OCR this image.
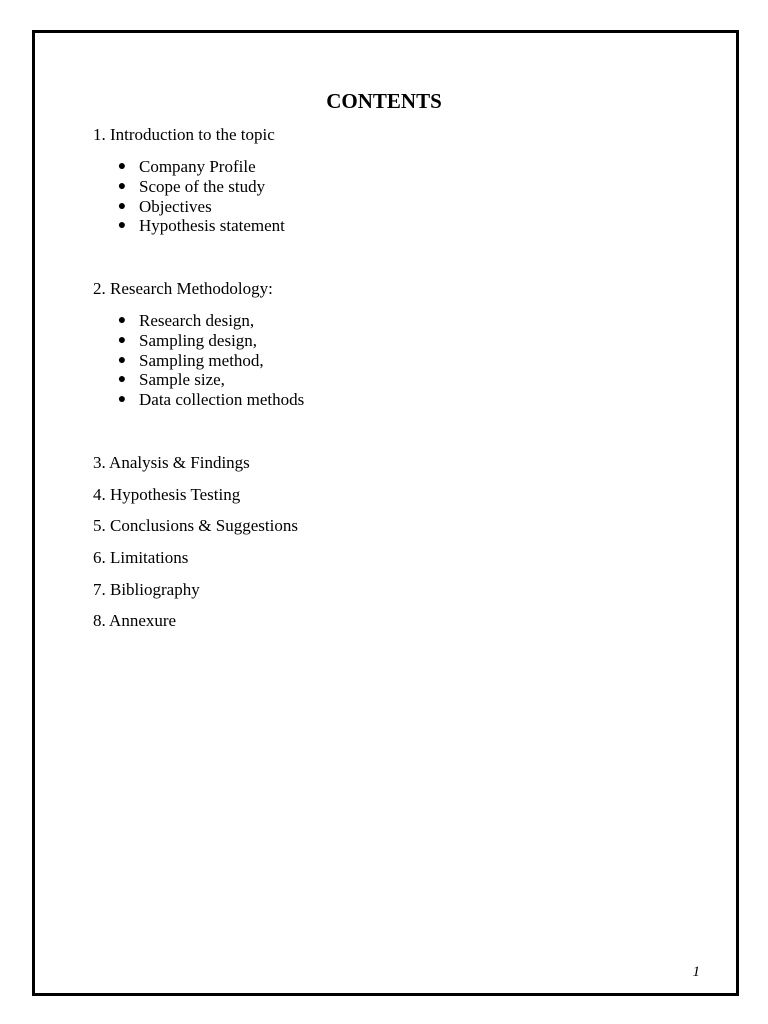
CONTENTS

1. Introduction to the topic

● Company Profile
● Scope of the study
● Objectives
● Hypothesis statement

2. Research Methodology:

● Research design,
● Sampling design,
● Sampling method,
● Sample size,
● Data collection methods

3. Analysis & Findings

4. Hypothesis Testing

5. Conclusions & Suggestions

6. Limitations

7. Bibliography

8. Annexure

1
